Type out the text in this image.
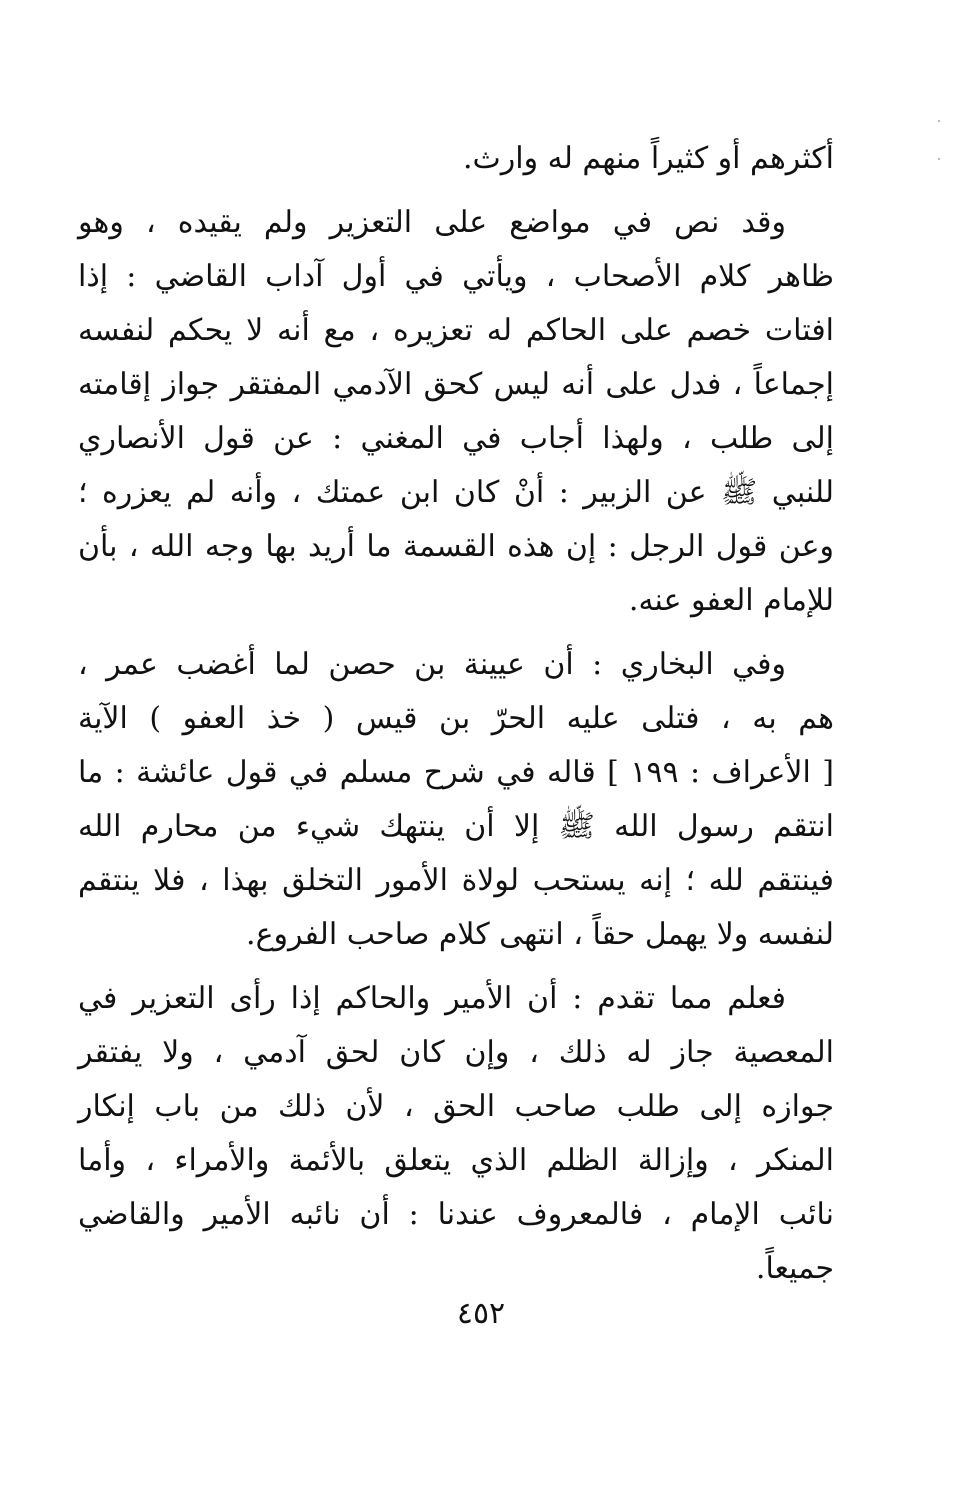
أكثرهم أو كثيراً منهم له وارث.
وقد نص في مواضع على التعزير ولم يقيده ، وهو
ظاهر كلام الأصحاب ، ويأتي في أول آداب القاضي : إذا
افتات خصم على الحاكم له تعزيره ، مع أنه لا يحكم لنفسه
إجماعاً ، فدل على أنه ليس كحق الآدمي المفتقر جواز إقامته
إلى طلب ، ولهذا أجاب في المغني : عن قول الأنصاري
للنبي ﷺ عن الزبير : أنْ كان ابن عمتك ، وأنه لم يعزره ؛
وعن قول الرجل : إن هذه القسمة ما أريد بها وجه الله ، بأن
للإمام العفو عنه.
وفي البخاري : أن عيينة بن حصن لما أغضب عمر ،
هم به ، فتلى عليه الحرّ بن قيس ( خذ العفو ) الآية
[ الأعراف : ١٩٩ ] قاله في شرح مسلم في قول عائشة : ما
انتقم رسول الله ﷺ إلا أن ينتهك شيء من محارم الله
فينتقم لله ؛ إنه يستحب لولاة الأمور التخلق بهذا ، فلا ينتقم
لنفسه ولا يهمل حقاً ، انتهى كلام صاحب الفروع.
فعلم مما تقدم : أن الأمير والحاكم إذا رأى التعزير في
المعصية جاز له ذلك ، وإن كان لحق آدمي ، ولا يفتقر
جوازه إلى طلب صاحب الحق ، لأن ذلك من باب إنكار
المنكر ، وإزالة الظلم الذي يتعلق بالأئمة والأمراء ، وأما
نائب الإمام ، فالمعروف عندنا : أن نائبه الأمير والقاضي
جميعاً.
٤٥٢
